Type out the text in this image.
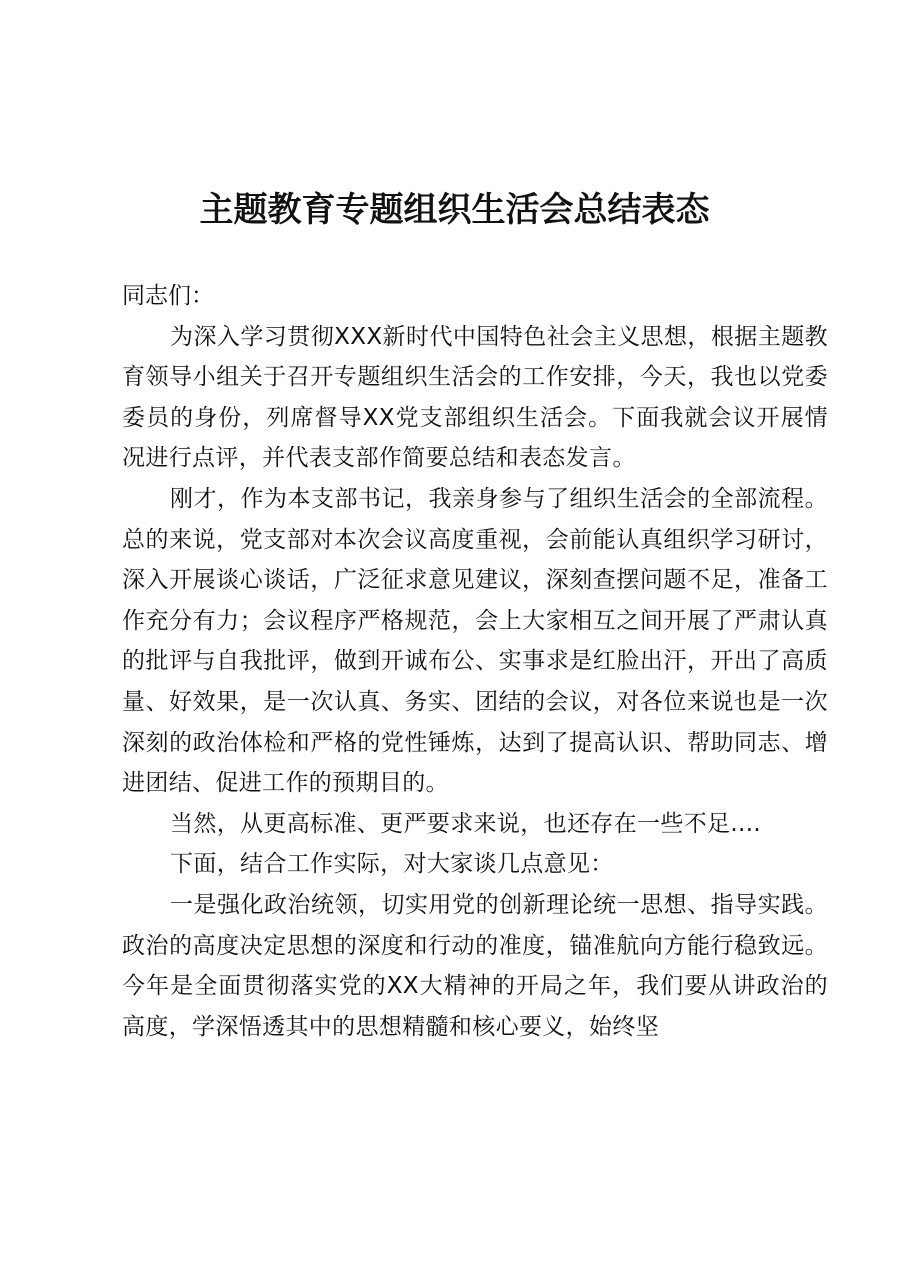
主题教育专题组织生活会总结表态

同志们：

为深入学习贯彻XXX新时代中国特色社会主义思想，根据主题教育领导小组关于召开专题组织生活会的工作安排，今天，我也以党委委员的身份，列席督导XX党支部组织生活会。下面我就会议开展情况进行点评，并代表支部作简要总结和表态发言。

刚才，作为本支部书记，我亲身参与了组织生活会的全部流程。总的来说，党支部对本次会议高度重视，会前能认真组织学习研讨，深入开展谈心谈话，广泛征求意见建议，深刻查摆问题不足，准备工作充分有力；会议程序严格规范，会上大家相互之间开展了严肃认真的批评与自我批评，做到开诚布公、实事求是红脸出汗，开出了高质量、好效果，是一次认真、务实、团结的会议，对各位来说也是一次深刻的政治体检和严格的党性锤炼，达到了提高认识、帮助同志、增进团结、促进工作的预期目的。

当然，从更高标准、更严要求来说，也还存在一些不足....

下面，结合工作实际，对大家谈几点意见：

一是强化政治统领，切实用党的创新理论统一思想、指导实践。政治的高度决定思想的深度和行动的准度，锚准航向方能行稳致远。今年是全面贯彻落实党的XX大精神的开局之年，我们要从讲政治的高度，学深悟透其中的思想精髓和核心要义，始终坚
